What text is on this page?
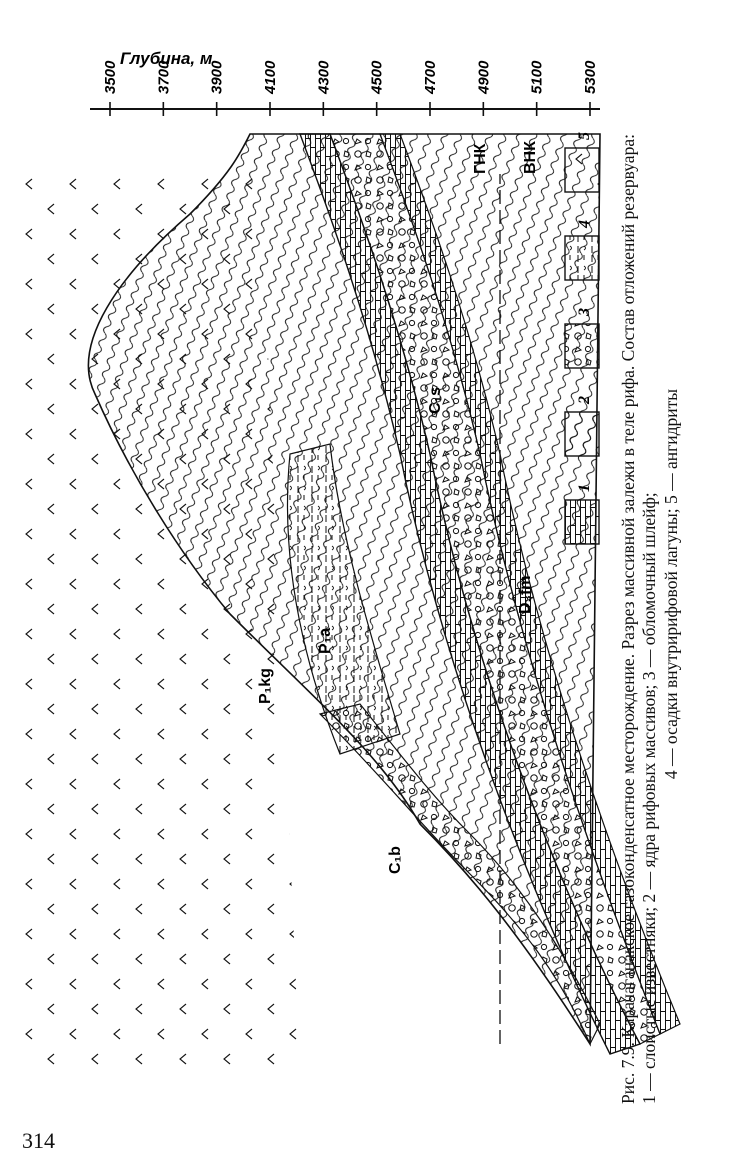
314
Глубина, м
3500 3700 3900 4100 4300 4500 4700 4900 5100 5300
ГНК ВНК
P₁kg
P₁a
C₁b
C₁s
D₃fm
1
2
3
4
5
Рис. 7.9. Карачаганакское газоконденсатное месторождение. Разрез массивной залежи в теле рифа. Состав отложений резервуара: 1 — слоистые известняки; 2 — ядра рифовых массивов; 3 — обломочный шлейф; 4 — осадки внутририфовой лагуны; 5 — ангидриты
